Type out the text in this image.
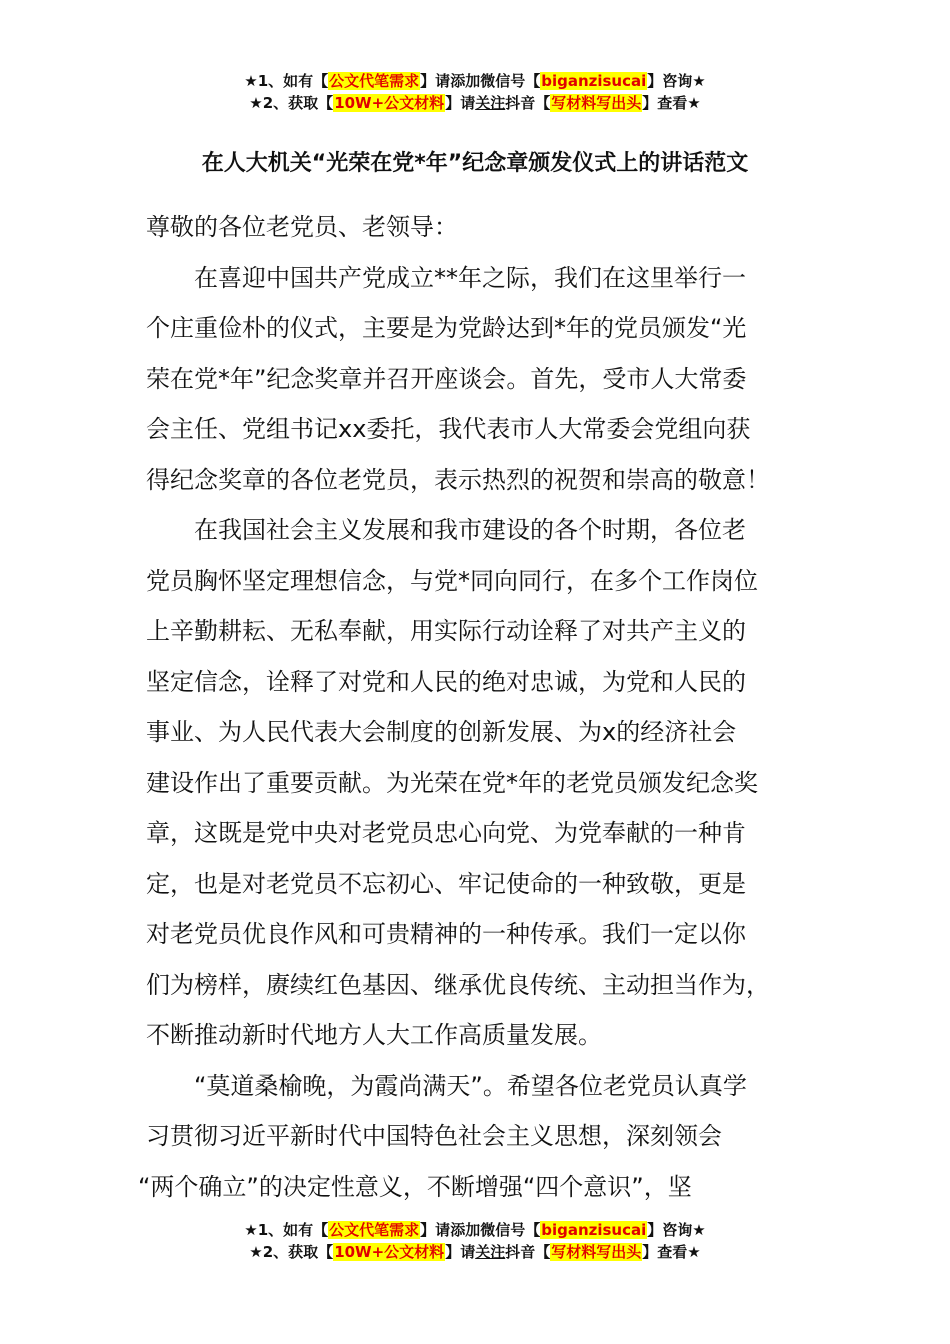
★1、如有【公文代笔需求】请添加微信号【biganzisucai】咨询★
★2、获取【10W+公文材料】请关注抖音【写材料写出头】查看★
在人大机关“光荣在党*年”纪念章颁发仪式上的讲话范文
尊敬的各位老党员、老领导：
在喜迎中国共产党成立**年之际，我们在这里举行一
个庄重俭朴的仪式，主要是为党龄达到*年的党员颁发“光
荣在党*年”纪念奖章并召开座谈会。首先，受市人大常委
会主任、党组书记xx委托，我代表市人大常委会党组向获
得纪念奖章的各位老党员，表示热烈的祝贺和崇高的敬意！
在我国社会主义发展和我市建设的各个时期，各位老
党员胸怀坚定理想信念，与党*同向同行，在多个工作岗位
上辛勤耕耘、无私奉献，用实际行动诠释了对共产主义的
坚定信念，诠释了对党和人民的绝对忠诚，为党和人民的
事业、为人民代表大会制度的创新发展、为x的经济社会
建设作出了重要贡献。为光荣在党*年的老党员颁发纪念奖
章，这既是党中央对老党员忠心向党、为党奉献的一种肯
定，也是对老党员不忘初心、牢记使命的一种致敬，更是
对老党员优良作风和可贵精神的一种传承。我们一定以你
们为榜样，赓续红色基因、继承优良传统、主动担当作为，
不断推动新时代地方人大工作高质量发展。
“莫道桑榆晚，为霞尚满天”。希望各位老党员认真学
习贯彻习近平新时代中国特色社会主义思想，深刻领会
“两个确立”的决定性意义，不断增强“四个意识”，坚
★1、如有【公文代笔需求】请添加微信号【biganzisucai】咨询★
★2、获取【10W+公文材料】请关注抖音【写材料写出头】查看★
